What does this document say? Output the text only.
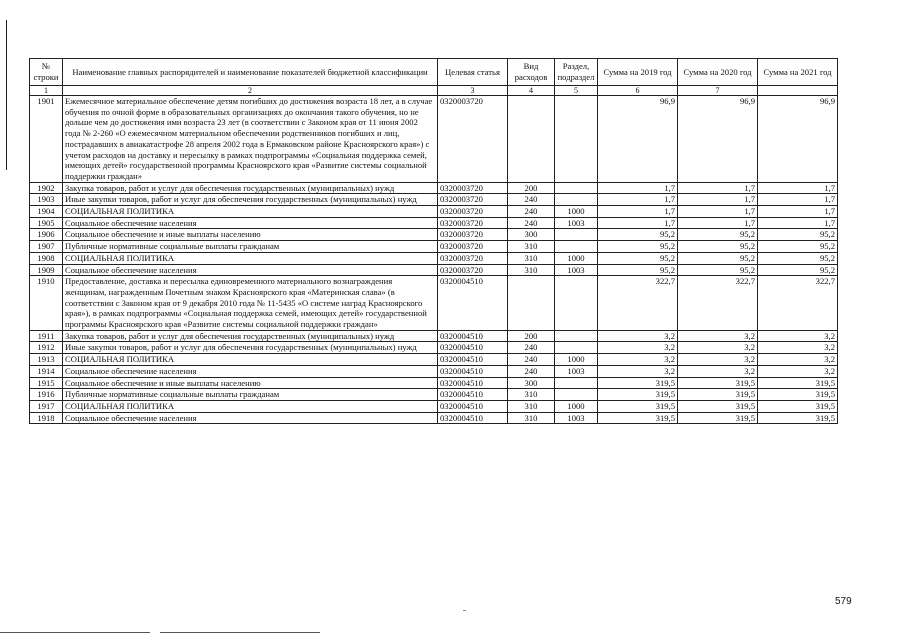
№ строки	Наименование главных распорядителей и наименование показателей бюджетной классификации	Целевая статья	Вид расходов	Раздел, подраздел	Сумма на 2019 год	Сумма на 2020 год	Сумма на 2021 год
1	2	3	4	5	6	7	
1901	Ежемесячное материальное обеспечение детям погибших до достижения возраста 18 лет, а в случае обучения по очной форме в образовательных организациях до окончания такого обучения, но не дольше чем до достижения ими возраста 23 лет (в соответствии с Законом края от 11 июня 2002 года № 2-260 «О ежемесячном материальном обеспечении родственников погибших и лиц, пострадавших в авиакатастрофе 28 апреля 2002 года в Ермаковском районе Красноярского края») с учетом расходов на доставку и пересылку в рамках подпрограммы «Социальная поддержка семей, имеющих детей» государственной программы Красноярского края «Развитие системы социальной поддержки граждан»	0320003720			96,9	96,9	96,9
1902	Закупка товаров, работ и услуг для обеспечения государственных (муниципальных) нужд	0320003720	200		1,7	1,7	1,7
1903	Иные закупки товаров, работ и услуг для обеспечения государственных (муниципальных) нужд	0320003720	240		1,7	1,7	1,7
1904	СОЦИАЛЬНАЯ ПОЛИТИКА	0320003720	240	1000	1,7	1,7	1,7
1905	Социальное обеспечение населения	0320003720	240	1003	1,7	1,7	1,7
1906	Социальное обеспечение и иные выплаты населению	0320003720	300		95,2	95,2	95,2
1907	Публичные нормативные социальные выплаты гражданам	0320003720	310		95,2	95,2	95,2
1908	СОЦИАЛЬНАЯ ПОЛИТИКА	0320003720	310	1000	95,2	95,2	95,2
1909	Социальное обеспечение населения	0320003720	310	1003	95,2	95,2	95,2
1910	Предоставление, доставка и пересылка единовременного материального вознаграждения женщинам, награжденным Почетным знаком Красноярского края «Материнская слава» (в соответствии с Законом края от 9 декабря 2010 года № 11-5435 «О системе наград Красноярского края»), в рамках подпрограммы «Социальная поддержка семей, имеющих детей» государственной программы Красноярского края «Развитие системы социальной поддержки граждан»	0320004510			322,7	322,7	322,7
1911	Закупка товаров, работ и услуг для обеспечения государственных (муниципальных) нужд	0320004510	200		3,2	3,2	3,2
1912	Иные закупки товаров, работ и услуг для обеспечения государственных (муниципальных) нужд	0320004510	240		3,2	3,2	3,2
1913	СОЦИАЛЬНАЯ ПОЛИТИКА	0320004510	240	1000	3,2	3,2	3,2
1914	Социальное обеспечение населения	0320004510	240	1003	3,2	3,2	3,2
1915	Социальное обеспечение и иные выплаты населению	0320004510	300		319,5	319,5	319,5
1916	Публичные нормативные социальные выплаты гражданам	0320004510	310		319,5	319,5	319,5
1917	СОЦИАЛЬНАЯ ПОЛИТИКА	0320004510	310	1000	319,5	319,5	319,5
1918	Социальное обеспечение населения	0320004510	310	1003	319,5	319,5	319,5
579
